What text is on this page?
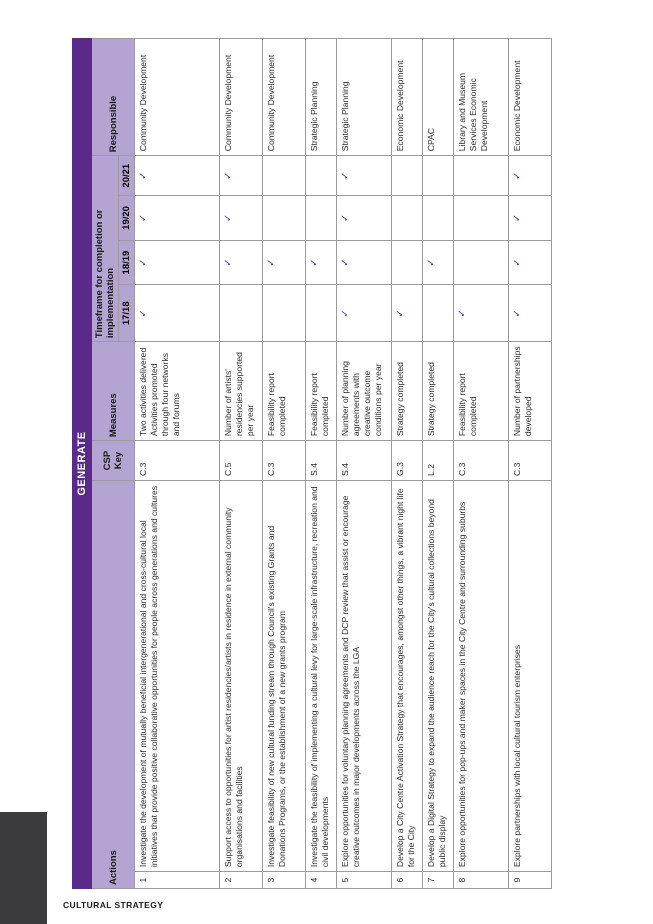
CULTURAL STRATEGY
GENERATE								
Actions		CSP Key	Measures	Timeframe for completion or implementation				Responsible
				17/18	18/19	19/20	20/21	
1	Investigate the development of mutually beneficial intergenerational and cross-cultural local initiatives that provide positive collaborative opportunities for people across generations and cultures	C.3	Two activities delivered Activities promoted through four networks and forums	✓	✓	✓	✓	Community Development
2	Support access to opportunities for artist residencies/artists in residence in external community organisations and facilities	C.5	Number of artists' residencies supported per year		✓	✓	✓	Community Development
3	Investigate feasibility of new cultural funding stream through Council's existing Grants and Donations Programs, or the establishment of a new grants program	C.3	Feasibility report completed		✓			Community Development
4	Investigate the feasibility of implementing a cultural levy for large-scale infrastructure, recreation and civil developments	S.4	Feasibility report completed		✓			Strategic Planning
5	Explore opportunities for voluntary planning agreements and DCP review that assist or encourage creative outcomes in major developments across the LGA	S.4	Number of planning agreements with creative outcome conditions per year	✓	✓	✓	✓	Strategic Planning
6	Develop a City Centre Activation Strategy that encourages, amongst other things, a vibrant night life for the City	G.3	Strategy completed	✓				Economic Development
7	Develop a Digital Strategy to expand the audience reach for the City's cultural collections beyond public display	L.2	Strategy completed		✓			CPAC
8	Explore opportunities for pop-ups and maker spaces in the City Centre and surrounding suburbs	C.3	Feasibility report completed	✓				Library and Museum Services Economic Development
9	Explore partnerships with local cultural tourism enterprises	C.3	Number of partnerships developed	✓	✓	✓	✓	Economic Development
